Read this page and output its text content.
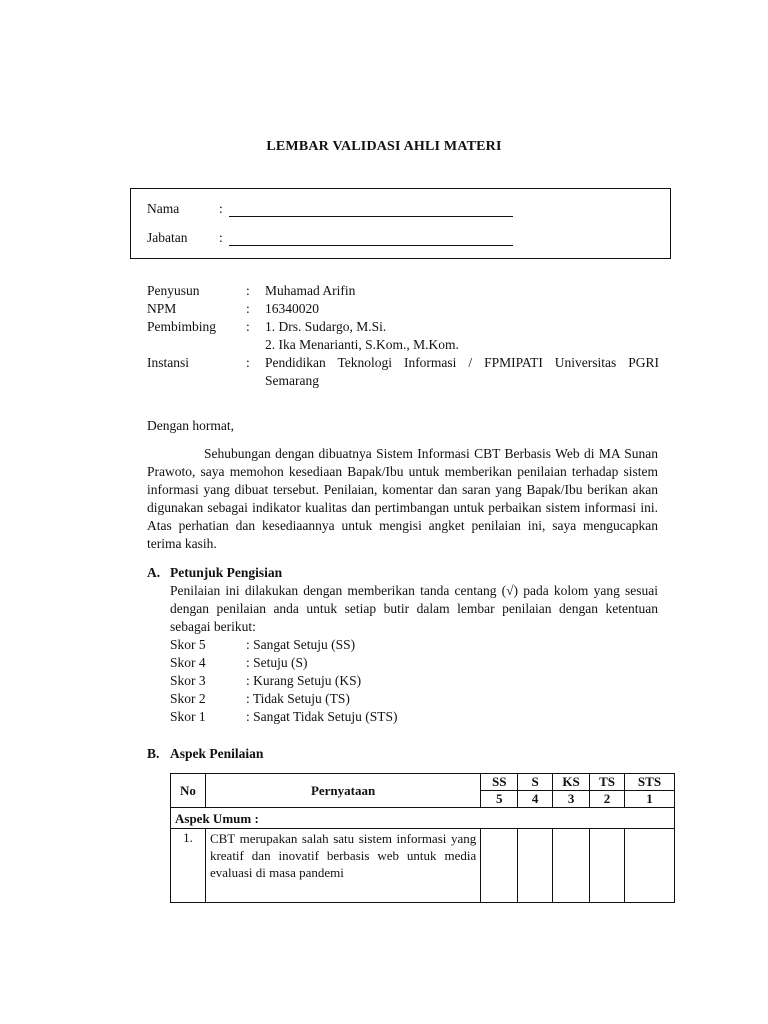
LEMBAR VALIDASI AHLI MATERI
Nama	:
Jabatan	:
Penyusun	:	Muhamad Arifin
NPM	:	16340020
Pembimbing	:	1. Drs. Sudargo, M.Si.
2. Ika Menarianti, S.Kom., M.Kom.
Instansi	:	Pendidikan Teknologi Informasi / FPMIPATI Universitas PGRI Semarang
Dengan hormat,
Sehubungan dengan dibuatnya Sistem Informasi CBT Berbasis Web di MA Sunan Prawoto, saya memohon kesediaan Bapak/Ibu untuk memberikan penilaian terhadap sistem informasi yang dibuat tersebut. Penilaian, komentar dan saran yang Bapak/Ibu berikan akan digunakan sebagai indikator kualitas dan pertimbangan untuk perbaikan sistem informasi ini. Atas perhatian dan kesediaannya untuk mengisi angket penilaian ini, saya mengucapkan terima kasih.
A. Petunjuk Pengisian
Penilaian ini dilakukan dengan memberikan tanda centang (√) pada kolom yang sesuai dengan penilaian anda untuk setiap butir dalam lembar penilaian dengan ketentuan sebagai berikut:
Skor 5	: Sangat Setuju (SS)
Skor 4	: Setuju (S)
Skor 3	: Kurang Setuju (KS)
Skor 2	: Tidak Setuju (TS)
Skor 1	: Sangat Tidak Setuju (STS)
B. Aspek Penilaian
No	Pernyataan	SS	S	KS	TS	STS
		5	4	3	2	1
Aspek Umum :						
1.	CBT merupakan salah satu sistem informasi yang kreatif dan inovatif berbasis web untuk media evaluasi di masa pandemi					
